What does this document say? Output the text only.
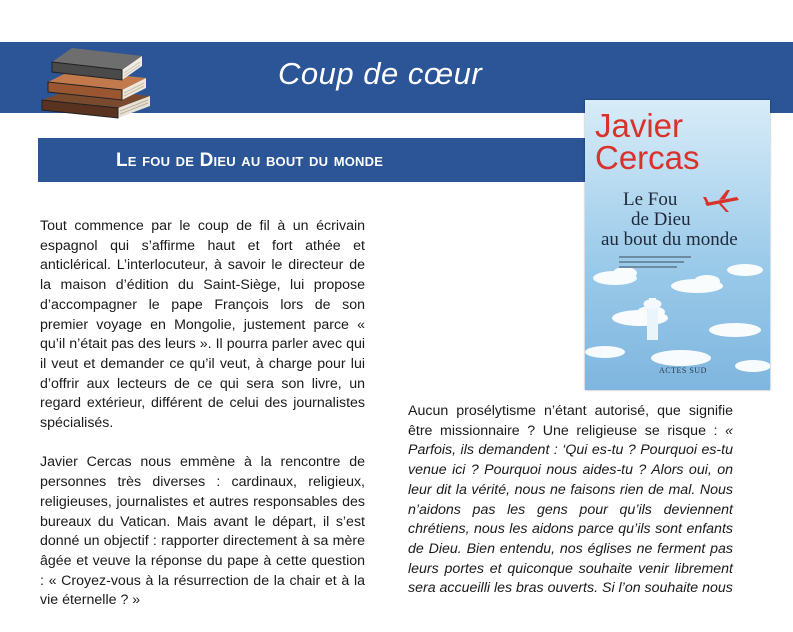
Coup de cœur
Le fou de Dieu au bout du monde
Javier
Cercas
Le Fou
de Dieu
au bout du monde
ACTES SUD

Tout commence par le coup de fil à un écrivain espagnol qui s’affirme haut et fort athée et anticlérical. L’interlocuteur, à savoir le directeur de la maison d’édition du Saint-Siège, lui propose d’accompagner le pape François lors de son premier voyage en Mongolie, justement parce « qu’il n’était pas des leurs ». Il pourra parler avec qui il veut et demander ce qu’il veut, à charge pour lui d’offrir aux lecteurs de ce qui sera son livre, un regard extérieur, différent de celui des journalistes spécialisés.

Javier Cercas nous emmène à la rencontre de personnes très diverses : cardinaux, religieux, religieuses, journalistes et autres responsables des bureaux du Vatican. Mais avant le départ, il s’est donné un objectif : rapporter directement à sa mère âgée et veuve la réponse du pape à cette question : « Croyez-vous à la résurrection de la chair et à la vie éternelle ? »

Aucun prosélytisme n’étant autorisé, que signifie être missionnaire ? Une religieuse se risque : « Parfois, ils demandent : ‘Qui es-tu ? Pourquoi es-tu venue ici ? Pourquoi nous aides-tu ? Alors oui, on leur dit la vérité, nous ne faisons rien de mal. Nous n’aidons pas les gens pour qu’ils deviennent chrétiens, nous les aidons parce qu’ils sont enfants de Dieu. Bien entendu, nos églises ne ferment pas leurs portes et quiconque souhaite venir librement sera accueilli les bras ouverts. Si l’on souhaite nous
